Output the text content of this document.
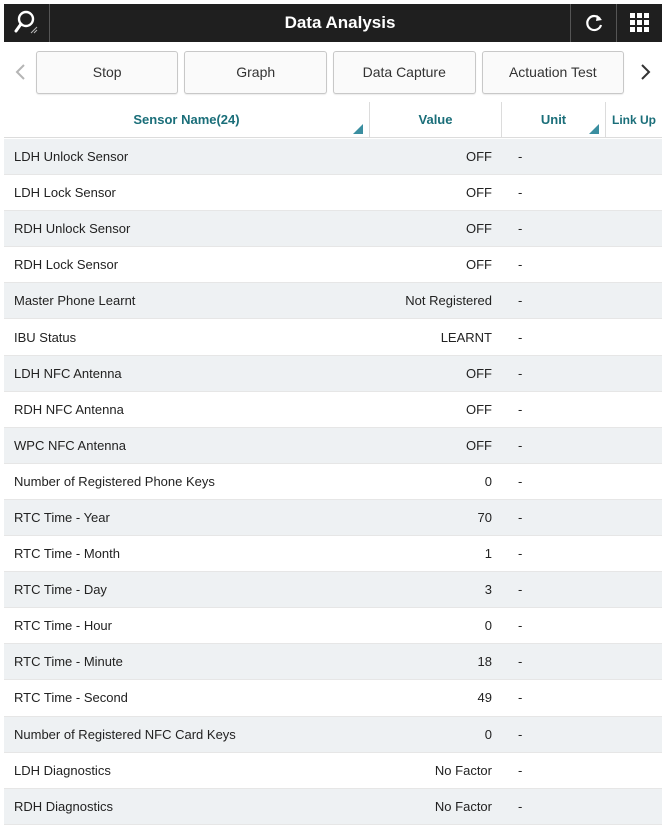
Data Analysis
Stop	Graph	Data Capture	Actuation Test
Sensor Name(24)	Value	Unit	Link Up
LDH Unlock Sensor	OFF	-
LDH Lock Sensor	OFF	-
RDH Unlock Sensor	OFF	-
RDH Lock Sensor	OFF	-
Master Phone Learnt	Not Registered	-
IBU Status	LEARNT	-
LDH NFC Antenna	OFF	-
RDH NFC Antenna	OFF	-
WPC NFC Antenna	OFF	-
Number of Registered Phone Keys	0	-
RTC Time - Year	70	-
RTC Time - Month	1	-
RTC Time - Day	3	-
RTC Time - Hour	0	-
RTC Time - Minute	18	-
RTC Time - Second	49	-
Number of Registered NFC Card Keys	0	-
LDH Diagnostics	No Factor	-
RDH Diagnostics	No Factor	-
